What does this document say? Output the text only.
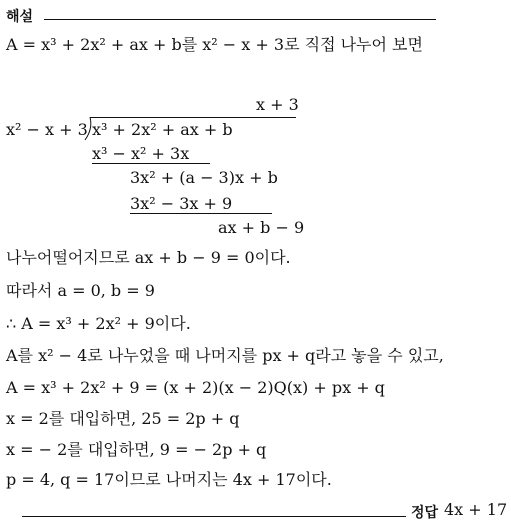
해설
A = x³ + 2x² + ax + b를 x² − x + 3로 직접 나누어 보면
x + 3
x² − x + 3 x³ + 2x² + ax + b
x³ − x² + 3x
3x² + (a − 3)x + b
3x² − 3x + 9
ax + b − 9
나누어떨어지므로 ax + b − 9 = 0이다.
따라서 a = 0, b = 9
∴ A = x³ + 2x² + 9이다.
A를 x² − 4로 나누었을 때 나머지를 px + q라고 놓을 수 있고,
A = x³ + 2x² + 9 = (x + 2)(x − 2)Q(x) + px + q
x = 2를 대입하면, 25 = 2p + q
x = − 2를 대입하면, 9 = − 2p + q
p = 4, q = 17이므로 나머지는 4x + 17이다.
정답 4x + 17
